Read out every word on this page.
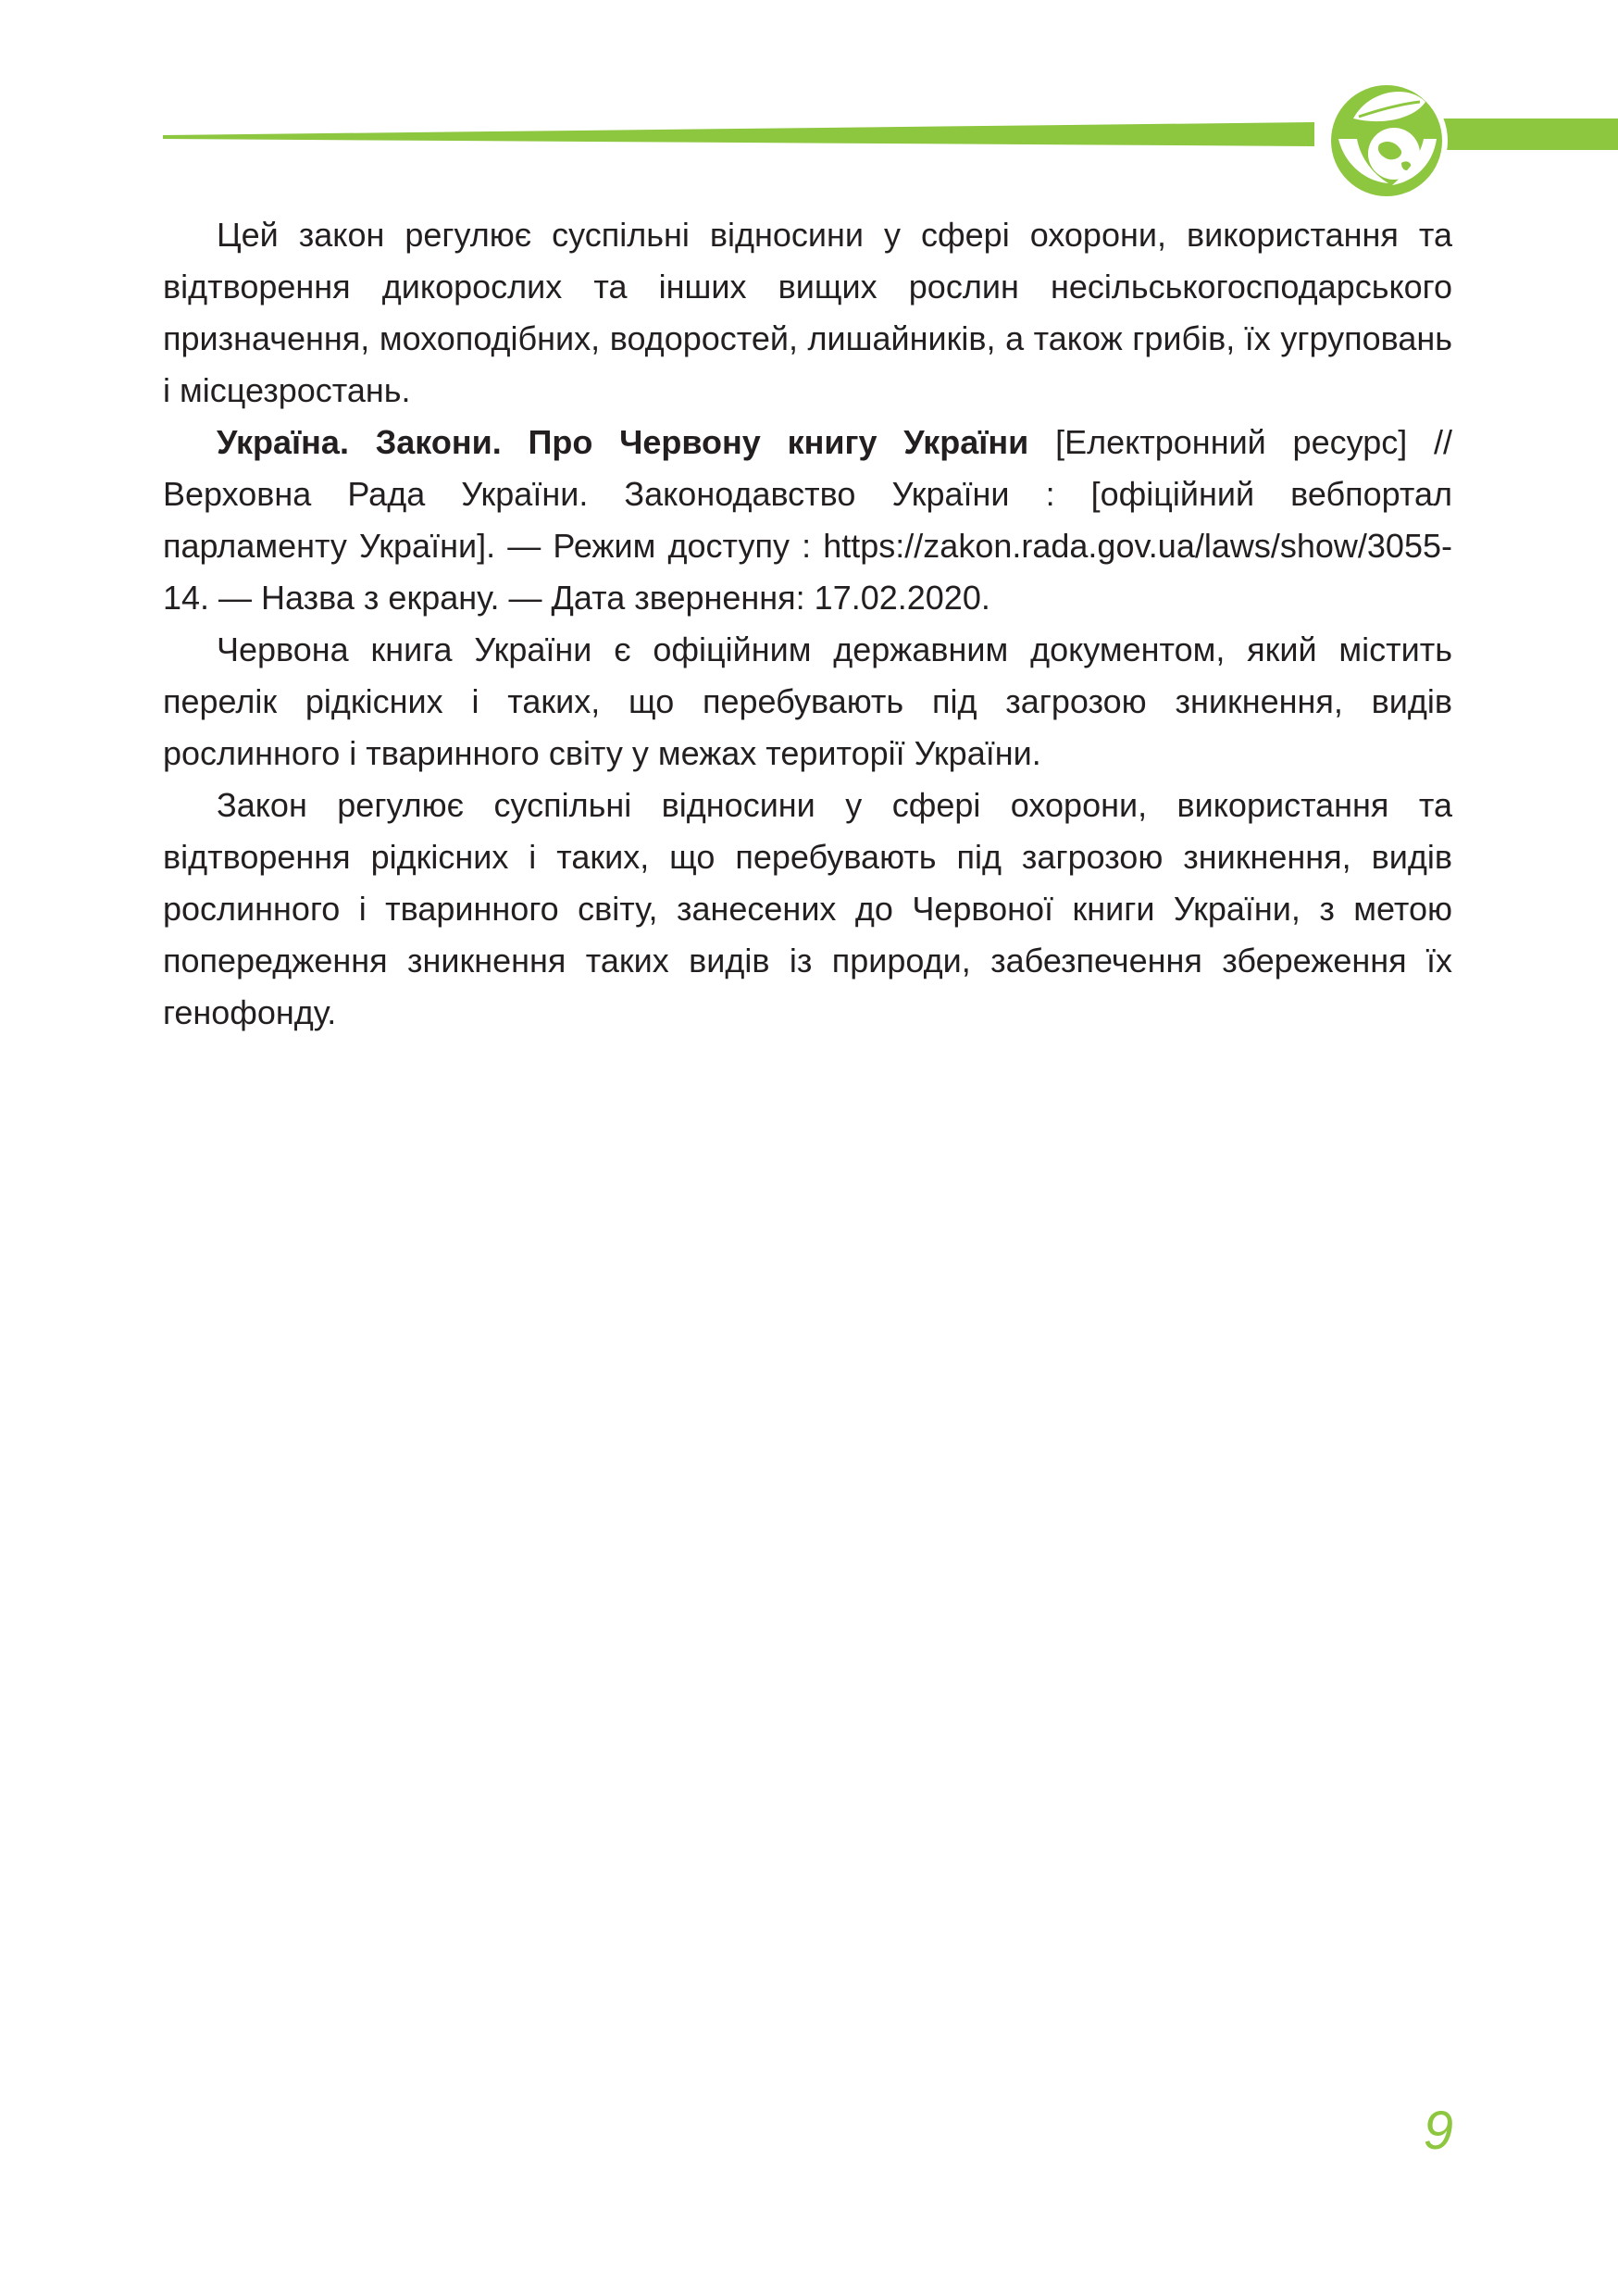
Цей закон регулює суспільні відносини у сфері охорони, використання та відтворення дикорослих та інших вищих рослин несільськогосподарського призначення, мохоподібних, водоростей, лишайників, а також грибів, їх угруповань і місцезростань.

Україна. Закони. Про Червону книгу України [Електронний ресурс] // Верховна Рада України. Законодавство України : [офіційний вебпортал парламенту України]. — Режим доступу : https://zakon.rada.gov.ua/laws/show/3055-14. — Назва з екрану. — Дата звернення: 17.02.2020.

Червона книга України є офіційним державним документом, який містить перелік рідкісних і таких, що перебувають під загрозою зникнення, видів рослинного і тваринного світу у межах території України.

Закон регулює суспільні відносини у сфері охорони, використання та відтворення рідкісних і таких, що перебувають під загрозою зникнення, видів рослинного і тваринного світу, занесених до Червоної книги України, з метою попередження зникнення таких видів із природи, забезпечення збереження їх генофонду.

9
